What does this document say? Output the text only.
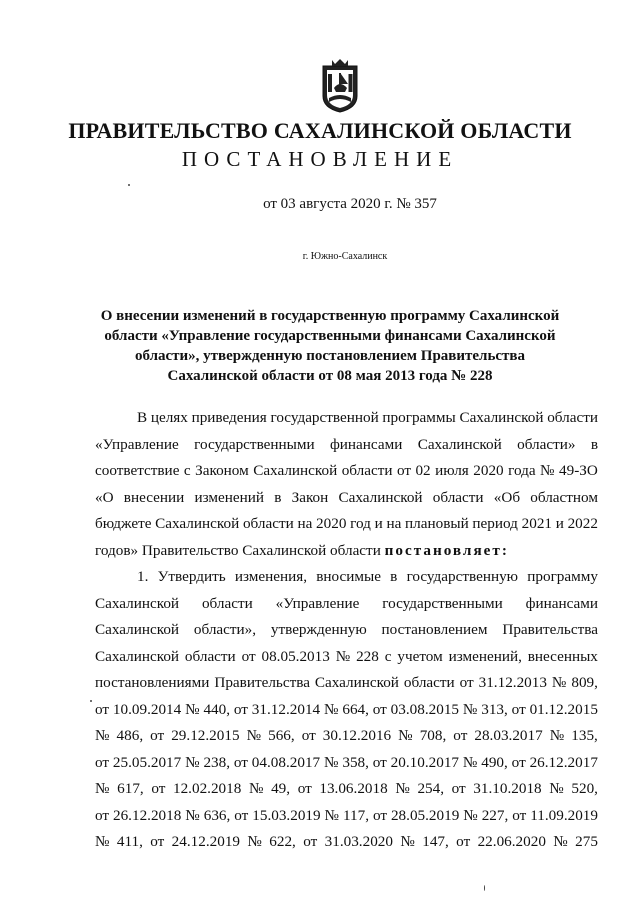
ПРАВИТЕЛЬСТВО САХАЛИНСКОЙ ОБЛАСТИ
ПОСТАНОВЛЕНИЕ
от 03 августа 2020 г. № 357
г. Южно-Сахалинск
О внесении изменений в государственную программу Сахалинской
области «Управление государственными финансами Сахалинской
области», утвержденную постановлением Правительства
Сахалинской области от 08 мая 2013 года № 228
В целях приведения государственной программы Сахалинской области
«Управление государственными финансами Сахалинской области» в
соответствие с Законом Сахалинской области от 02 июля 2020 года № 49-ЗО
«О внесении изменений в Закон Сахалинской области «Об областном
бюджете Сахалинской области на 2020 год и на плановый период 2021 и 2022
годов» Правительство Сахалинской области
постановляет:
1. Утвердить изменения, вносимые в государственную программу
Сахалинской области «Управление государственными финансами
Сахалинской области», утвержденную постановлением Правительства
Сахалинской области от 08.05.2013 № 228 с учетом изменений, внесенных
постановлениями Правительства Сахалинской области от 31.12.2013 № 809,
от 10.09.2014 № 440, от 31.12.2014 № 664, от 03.08.2015 № 313, от 01.12.2015
№ 486, от 29.12.2015 № 566, от 30.12.2016 № 708, от 28.03.2017 № 135,
от 25.05.2017 № 238, от 04.08.2017 № 358, от 20.10.2017 № 490, от 26.12.2017
№ 617, от 12.02.2018 № 49, от 13.06.2018 № 254, от 31.10.2018 № 520,
от 26.12.2018 № 636, от 15.03.2019 № 117, от 28.05.2019 № 227, от 11.09.2019
№ 411, от 24.12.2019 № 622, от 31.03.2020 № 147, от 22.06.2020 № 275
